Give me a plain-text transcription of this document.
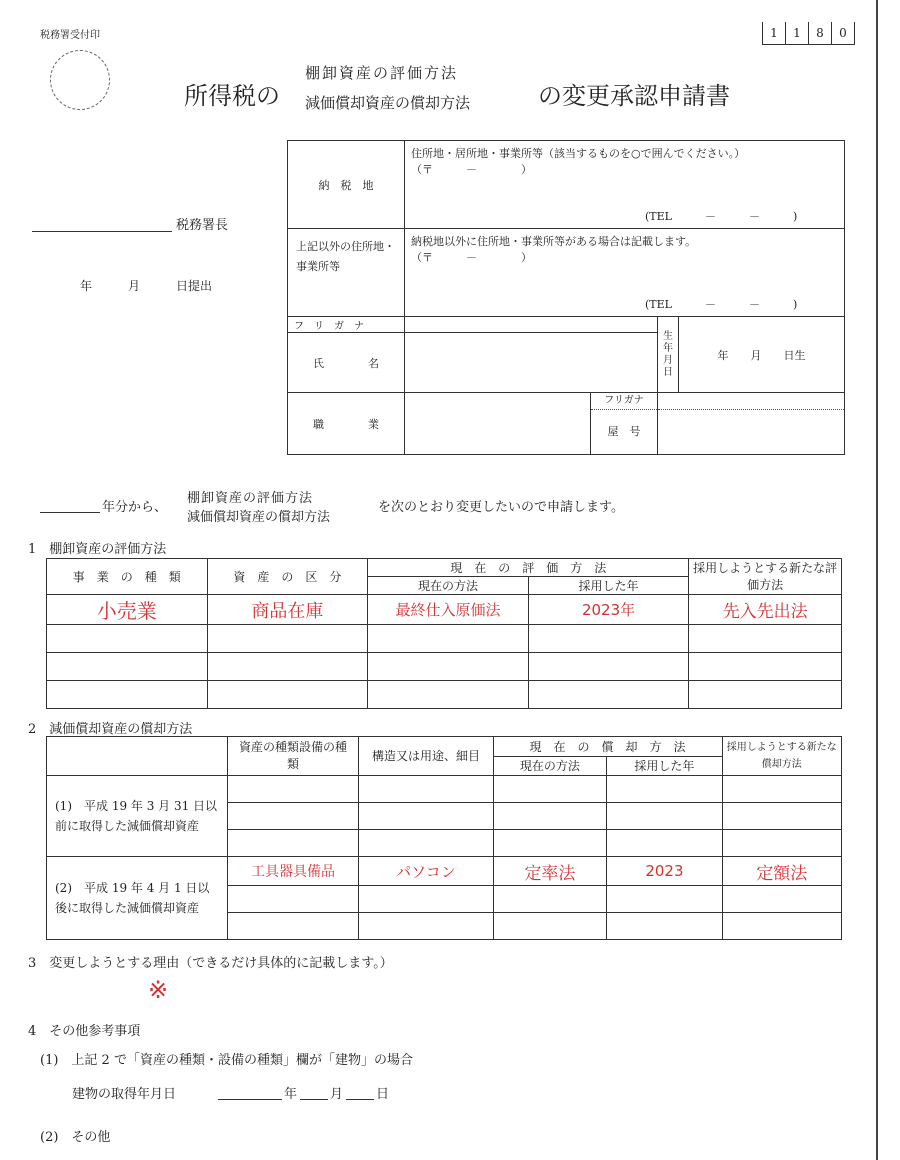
税務署受付印	1	1	8	0
所得税の
棚卸資産の評価方法
減価償却資産の償却方法	の変更承認申請書
税務署長
年　　　月　　　日提出
納　税　地	住所地・居所地・事業所等（該当するものを○で囲んでください。）
（〒　　　－　　　　）
(TEL　　　－　　　－　　　)			

上記以外の住所地・事業所等	納税地以外に住所地・事業所等がある場合は記載します。
（〒　　　－　　　　）
(TEL　　　－　　　－　　　)			

フ　リ　ガ　ナ			生年月日	年　　月　　日生
氏　　　　名				
職　　　　業		フリガナ
屋　号		

年分から、
棚卸資産の評価方法
減価償却資産の償却方法
を次のとおり変更したいので申請します。
1　棚卸資産の評価方法
事　業　の　種　類	資　産　の　区　分	現　在　の　評　価　方　法		採用しようとする新たな評価方法
		現在の方法	採用した年	
小売業	商品在庫	最終仕入原価法	2023年	先入先出法

2　減価償却資産の償却方法
	資産の種類設備の種類	構造又は用途、細目	現　在　の　償　却　方　法		採用しようとする新たな償却方法
			現在の方法	採用した年	
(1)　平成 19 年 3 月 31 日以前に取得した減価償却資産					

(2)　平成 19 年 4 月 1 日以後に取得した減価償却資産	工具器具備品	パソコン	定率法	2023	定額法

3　変更しようとする理由（できるだけ具体的に記載します。）
※
4　その他参考事項
(1)　上記 2 で「資産の種類・設備の種類」欄が「建物」の場合
建物の取得年月日	年	月	日
(2)　その他
